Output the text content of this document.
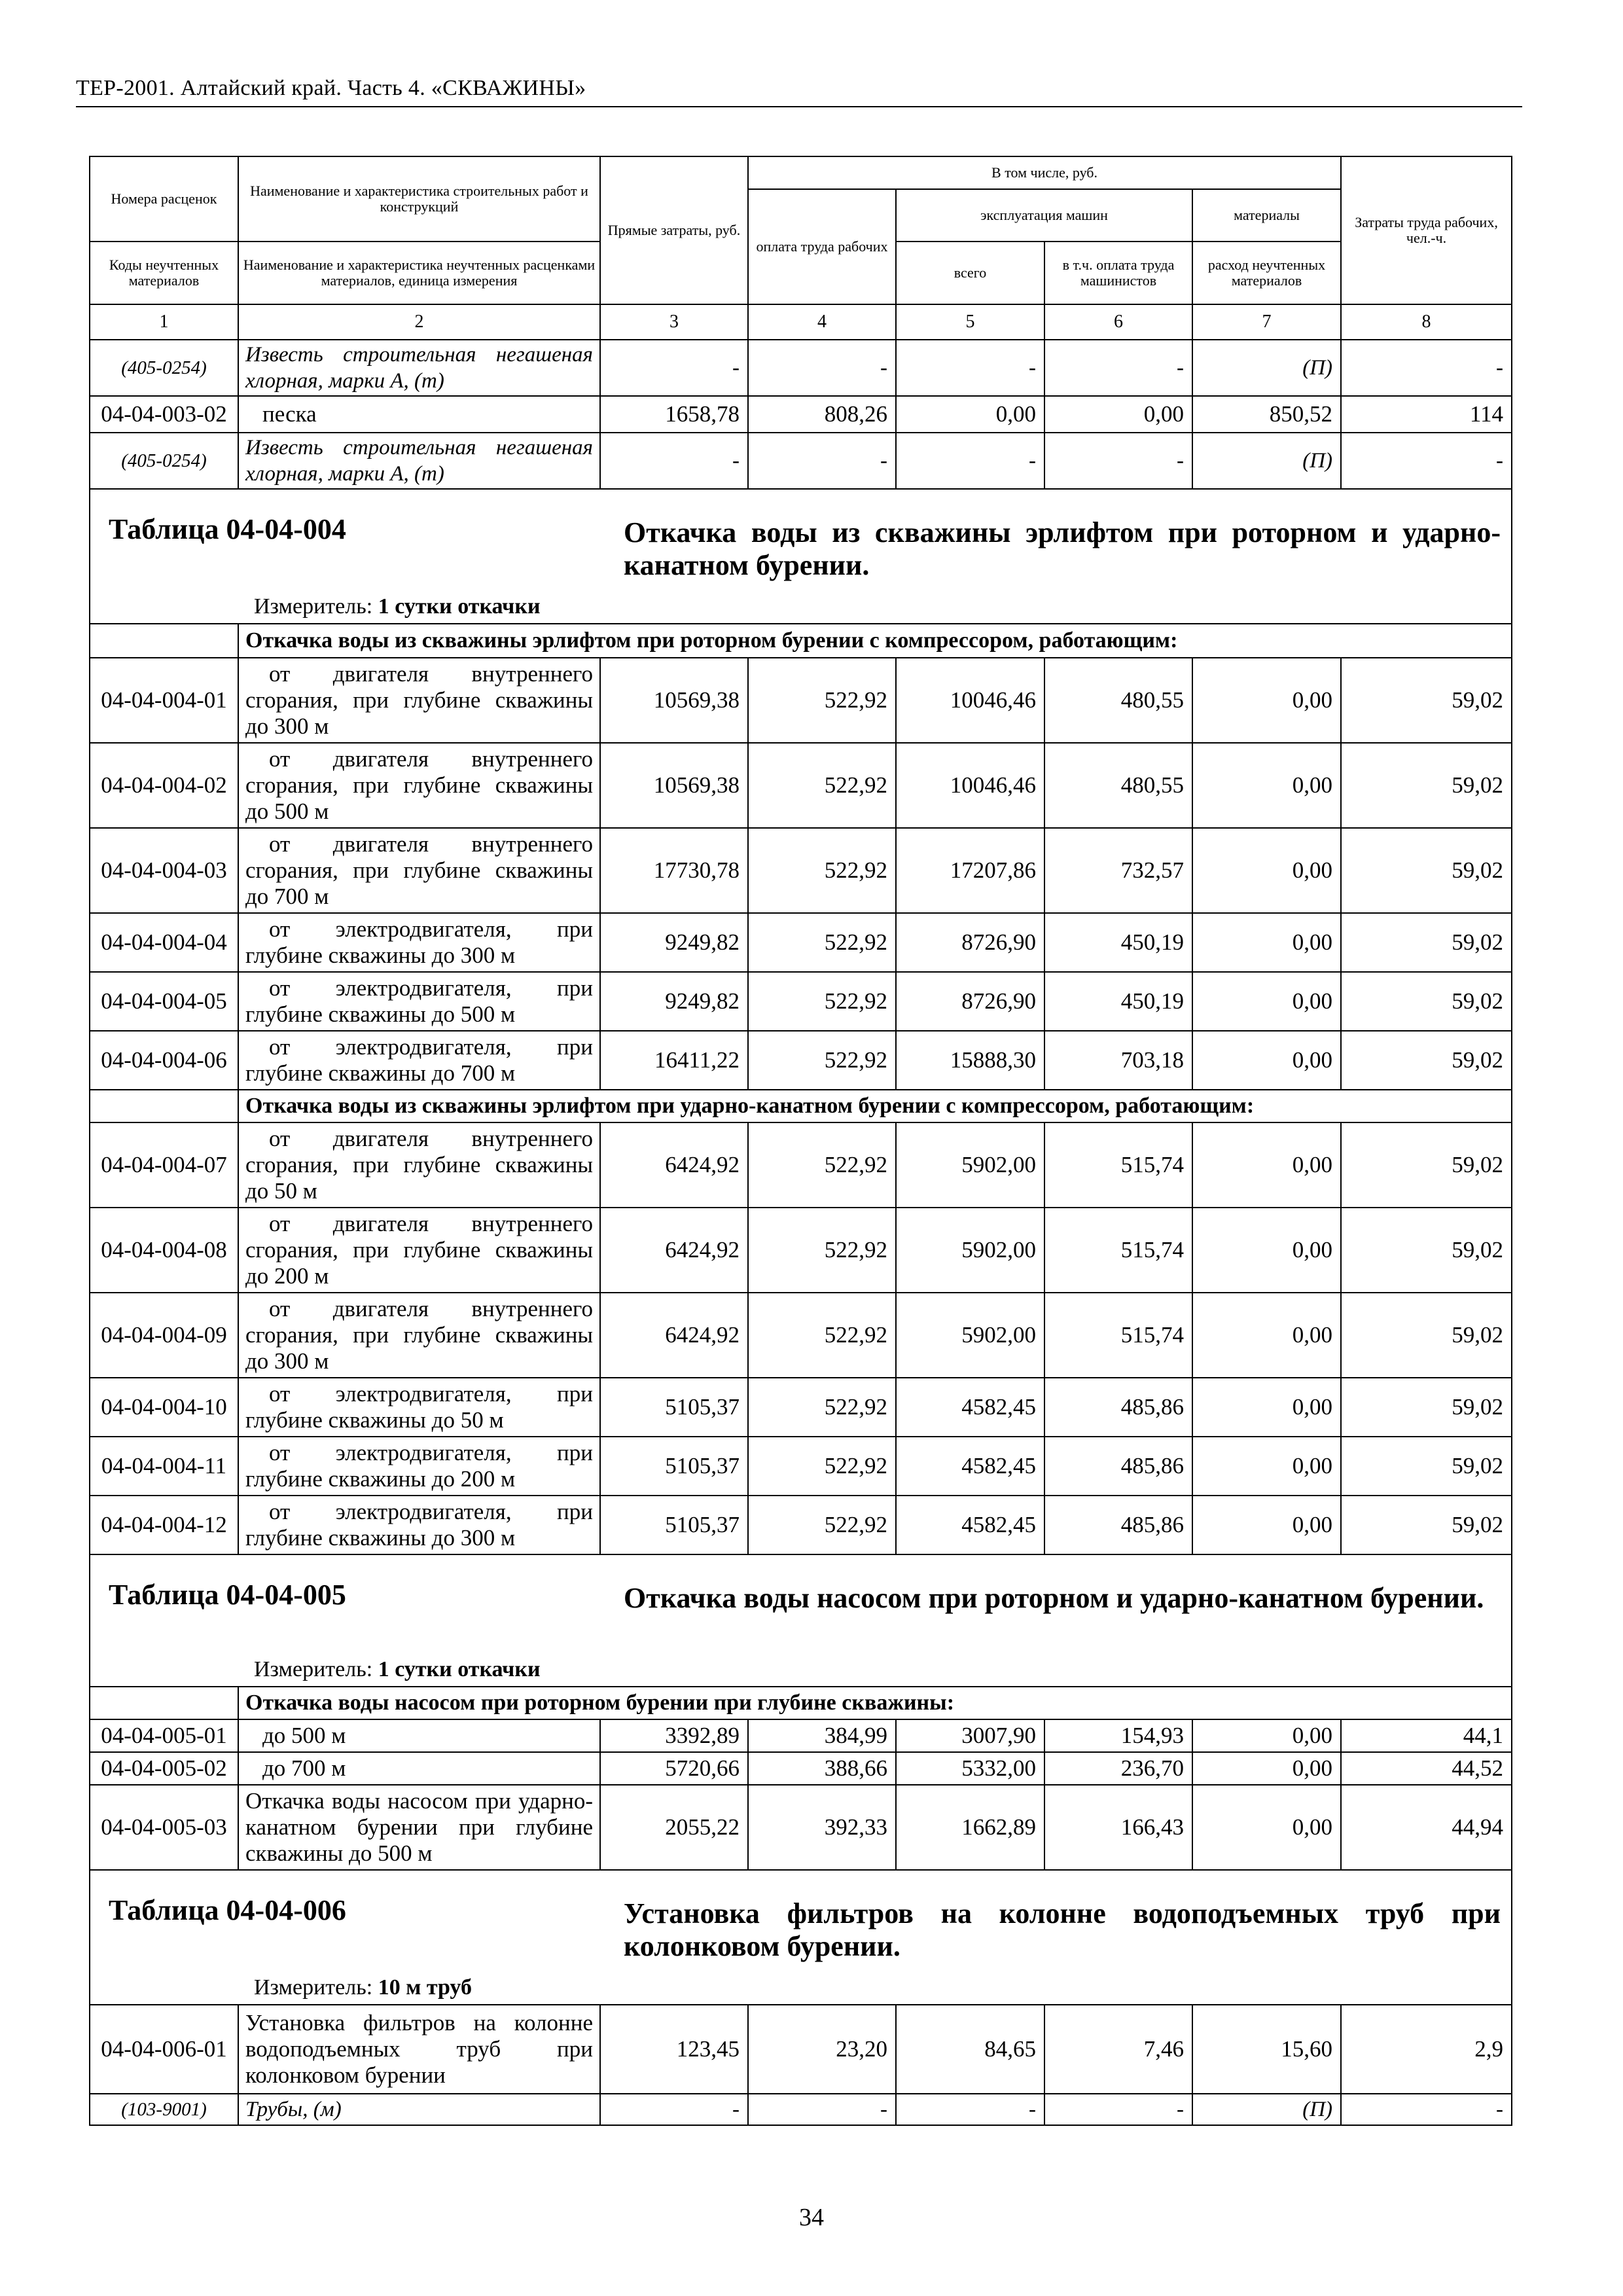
ТЕР-2001. Алтайский край. Часть 4. «СКВАЖИНЫ»
Номера расценок	Наименование и характеристика строительных работ и конструкций	Прямые затраты, руб.	В том числе, руб.				Затраты труда рабочих, чел.-ч.
			оплата труда рабочих	эксплуатация машин		материалы	
Коды неучтенных материалов	Наименование и характеристика неучтенных расценками материалов, единица измерения			всего	в т.ч. оплата труда машинистов	расход неучтенных материалов	
1	2	3	4	5	6	7	8
(405-0254)	Известь строительная негашеная хлорная, марки А, (т)	-	-	-	-	(П)	-
04-04-003-02	песка	1658,78	808,26	0,00	0,00	850,52	114
(405-0254)	Известь строительная негашеная хлорная, марки А, (т)	-	-	-	-	(П)	-

Таблица 04-04-004 Откачка воды из скважины эрлифтом при роторном и ударно-канатном бурении.
Измеритель: 1 сутки откачки							

	Откачка воды из скважины эрлифтом при роторном бурении с компрессором, работающим:						
04-04-004-01	от двигателя внутреннего сгорания, при глубине скважины до 300 м	10569,38	522,92	10046,46	480,55	0,00	59,02
04-04-004-02	от двигателя внутреннего сгорания, при глубине скважины до 500 м	10569,38	522,92	10046,46	480,55	0,00	59,02
04-04-004-03	от двигателя внутреннего сгорания, при глубине скважины до 700 м	17730,78	522,92	17207,86	732,57	0,00	59,02
04-04-004-04	от электродвигателя, при глубине скважины до 300 м	9249,82	522,92	8726,90	450,19	0,00	59,02
04-04-004-05	от электродвигателя, при глубине скважины до 500 м	9249,82	522,92	8726,90	450,19	0,00	59,02
04-04-004-06	от электродвигателя, при глубине скважины до 700 м	16411,22	522,92	15888,30	703,18	0,00	59,02
	Откачка воды из скважины эрлифтом при ударно-канатном бурении с компрессором, работающим:						
04-04-004-07	от двигателя внутреннего сгорания, при глубине скважины до 50 м	6424,92	522,92	5902,00	515,74	0,00	59,02
04-04-004-08	от двигателя внутреннего сгорания, при глубине скважины до 200 м	6424,92	522,92	5902,00	515,74	0,00	59,02
04-04-004-09	от двигателя внутреннего сгорания, при глубине скважины до 300 м	6424,92	522,92	5902,00	515,74	0,00	59,02
04-04-004-10	от электродвигателя, при глубине скважины до 50 м	5105,37	522,92	4582,45	485,86	0,00	59,02
04-04-004-11	от электродвигателя, при глубине скважины до 200 м	5105,37	522,92	4582,45	485,86	0,00	59,02
04-04-004-12	от электродвигателя, при глубине скважины до 300 м	5105,37	522,92	4582,45	485,86	0,00	59,02

Таблица 04-04-005 Откачка воды насосом при роторном и ударно-канатном бурении.
Измеритель: 1 сутки откачки							

	Откачка воды насосом при роторном бурении при глубине скважины:						
04-04-005-01	до 500 м	3392,89	384,99	3007,90	154,93	0,00	44,1
04-04-005-02	до 700 м	5720,66	388,66	5332,00	236,70	0,00	44,52
04-04-005-03	Откачка воды насосом при ударно-канатном бурении при глубине скважины до 500 м	2055,22	392,33	1662,89	166,43	0,00	44,94

Таблица 04-04-006 Установка фильтров на колонне водоподъемных труб при колонковом бурении.
Измеритель: 10 м труб							

04-04-006-01	Установка фильтров на колонне водоподъемных труб при колонковом бурении	123,45	23,20	84,65	7,46	15,60	2,9
(103-9001)	Трубы, (м)	-	-	-	-	(П)	-
34
